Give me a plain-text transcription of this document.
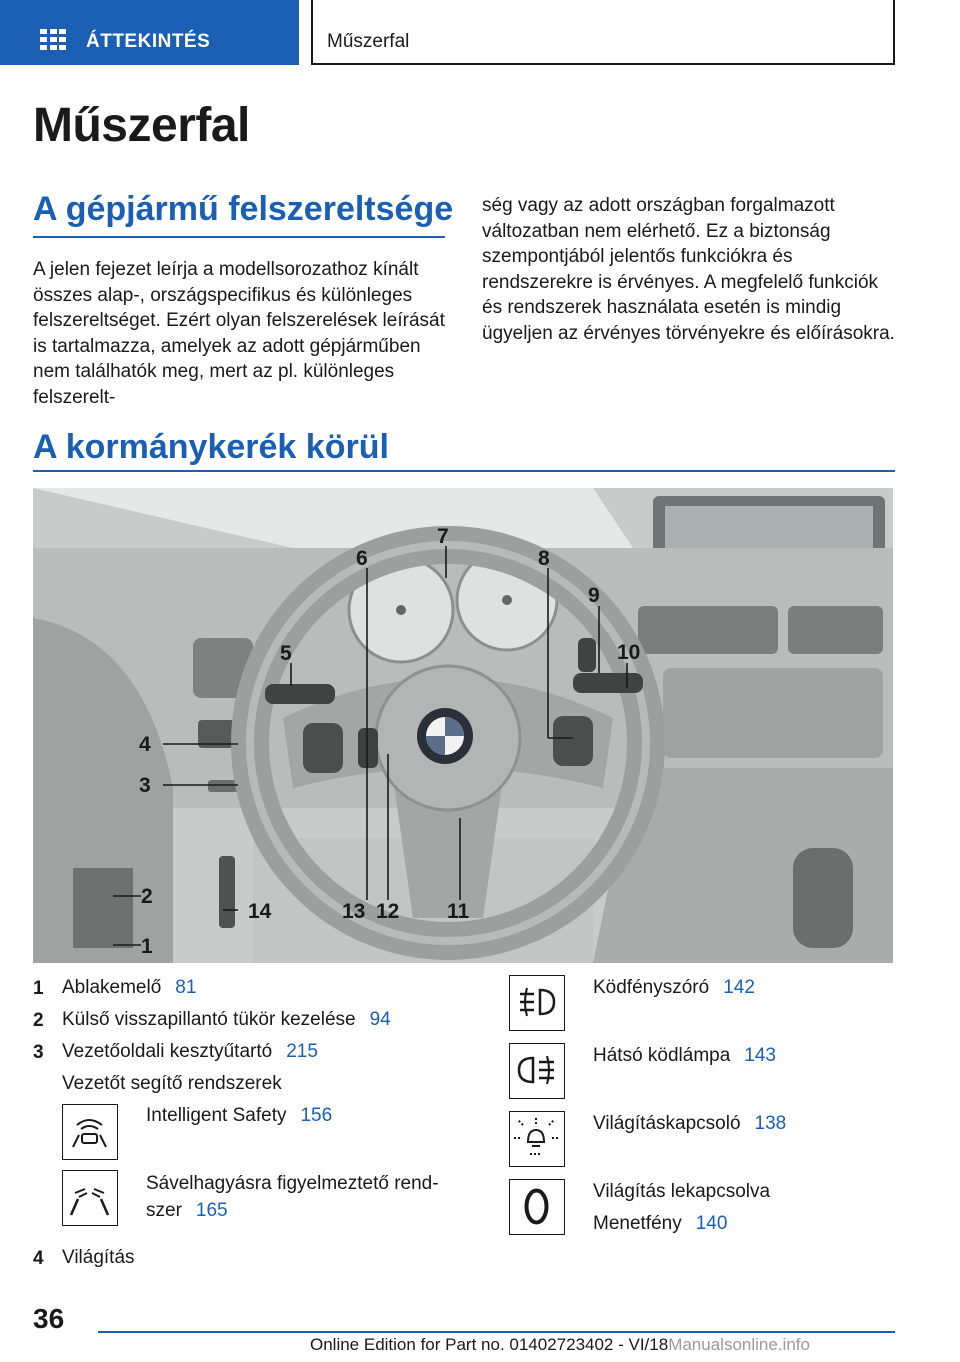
ÁTTEKINTÉS	Műszerfal
Műszerfal
A gépjármű felszereltsége
A jelen fejezet leírja a modellsorozathoz kínált összes alap-, országspecifikus és különleges felszereltséget. Ezért olyan felszerelések leírását is tartalmazza, amelyek az adott gépjárműben nem találhatók meg, mert az pl. különleges felszerelt-
ség vagy az adott országban forgalmazott változatban nem elérhető. Ez a biztonság szempontjából jelentős funkciókra és rendszerekre is érvényes. A megfelelő funkciók és rendszerek használata esetén is mindig ügyeljen az érvényes törvényekre és előírásokra.
A kormánykerék körül
1
2
3
4
5
6
7
8
9
10
11
12
13
14
1 Ablakemelő 81
2 Külső visszapillantó tükör kezelése 94
3 Vezetőoldali kesztyűtartó 215
Vezetőt segítő rendszerek
Intelligent Safety 156
Sávelhagyásra figyelmeztető rend-
szer 165
4 Világítás
Ködfényszóró 142
Hátsó ködlámpa 143
Világításkapcsoló 138
Világítás lekapcsolva
Menetfény 140
36
Online Edition for Part no. 01402723402 - VI/18Manualsonline.info
